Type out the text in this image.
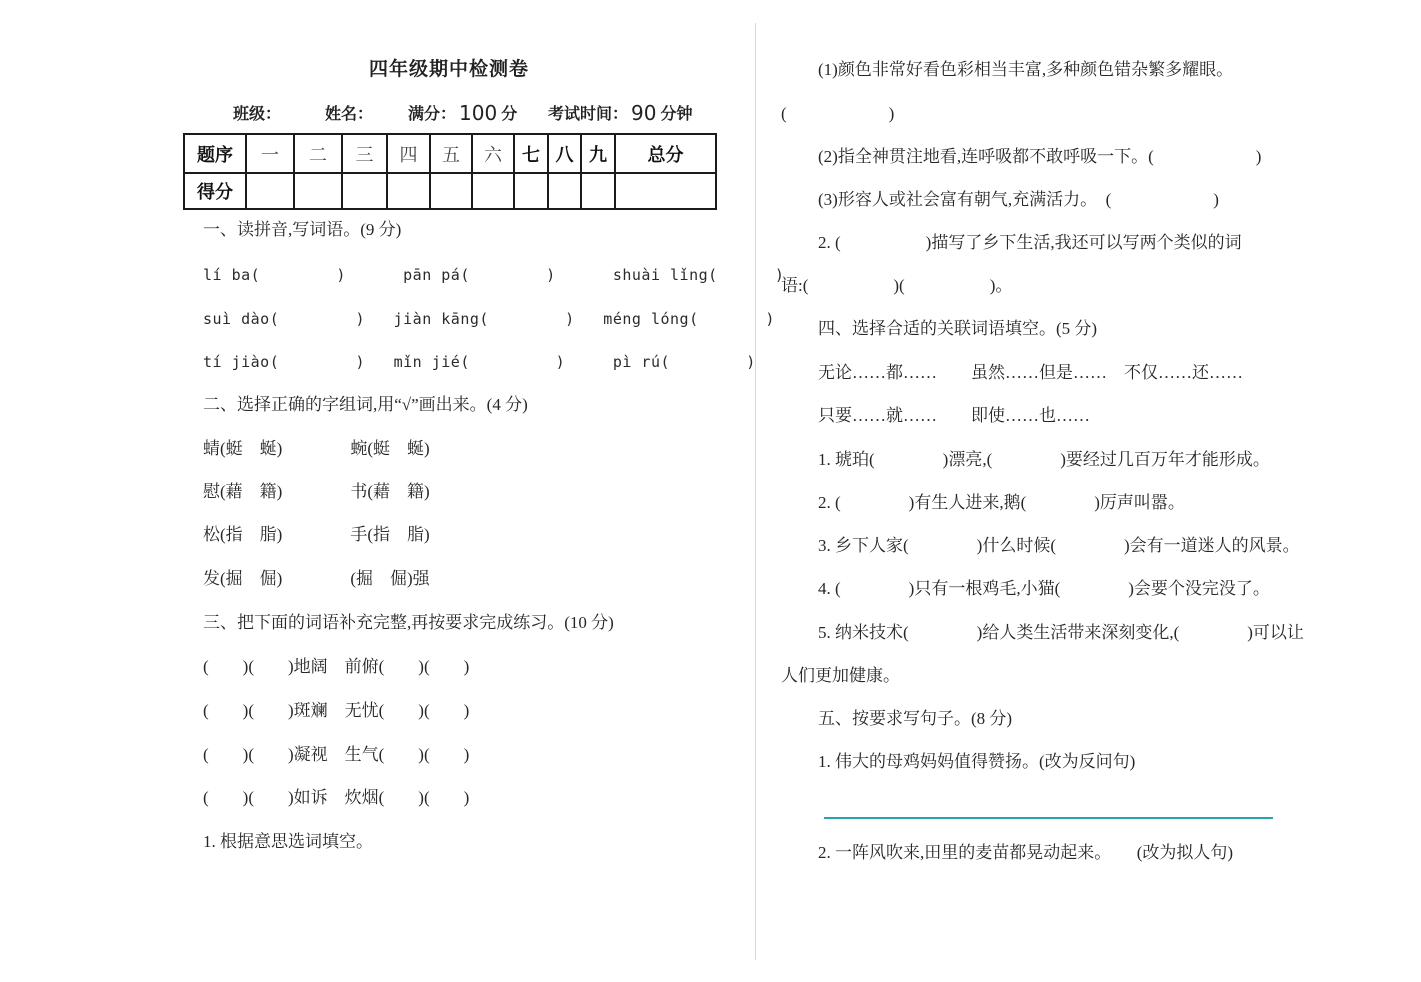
四年级期中检测卷
班级：	姓名：	满分： 100 分 考试时间： 90 分钟
题序	一	二	三	四	五	六	七	八	九	总分
得分										
一、读拼音,写词语。(9 分)
lí ba(        )      pān pá(        )      shuài lǐng(      )
suì dào(        )   jiàn kāng(        )   méng lóng(       )
tí jiào(        )   mǐn jié(         )     pì rú(        )
二、选择正确的字组词,用“√”画出来。(4 分)
蜻(蜓　蜒)　　　　蜿(蜓　蜒)
慰(藉　籍)　　　　书(藉　籍)
松(指　脂)　　　　手(指　脂)
发(掘　倔)　　　　(掘　倔)强
三、把下面的词语补充完整,再按要求完成练习。(10 分)
(　　)(　　)地阔　前俯(　　)(　　)
(　　)(　　)斑斓　无忧(　　)(　　)
(　　)(　　)凝视　生气(　　)(　　)
(　　)(　　)如诉　炊烟(　　)(　　)
1. 根据意思选词填空。
(1)颜色非常好看色彩相当丰富,多种颜色错杂繁多耀眼。
(　　　　　　)
(2)指全神贯注地看,连呼吸都不敢呼吸一下。(　　　　　　)
(3)形容人或社会富有朝气,充满活力。　(　　　　　　)
2. (　　　　　)描写了乡下生活,我还可以写两个类似的词
语:(　　　　　)(　　　　　)。
四、选择合适的关联词语填空。(5 分)
无论……都……　　虽然……但是……　不仅……还……
只要……就……　　即使……也……
1. 琥珀(　　　　)漂亮,(　　　　)要经过几百万年才能形成。
2. (　　　　)有生人进来,鹅(　　　　)厉声叫嚣。
3. 乡下人家(　　　　)什么时候(　　　　)会有一道迷人的风景。
4. (　　　　)只有一根鸡毛,小猫(　　　　)会要个没完没了。
5. 纳米技术(　　　　)给人类生活带来深刻变化,(　　　　)可以让
人们更加健康。
五、按要求写句子。(8 分)
1. 伟大的母鸡妈妈值得赞扬。(改为反问句)
2. 一阵风吹来,田里的麦苗都晃动起来。　　(改为拟人句)
